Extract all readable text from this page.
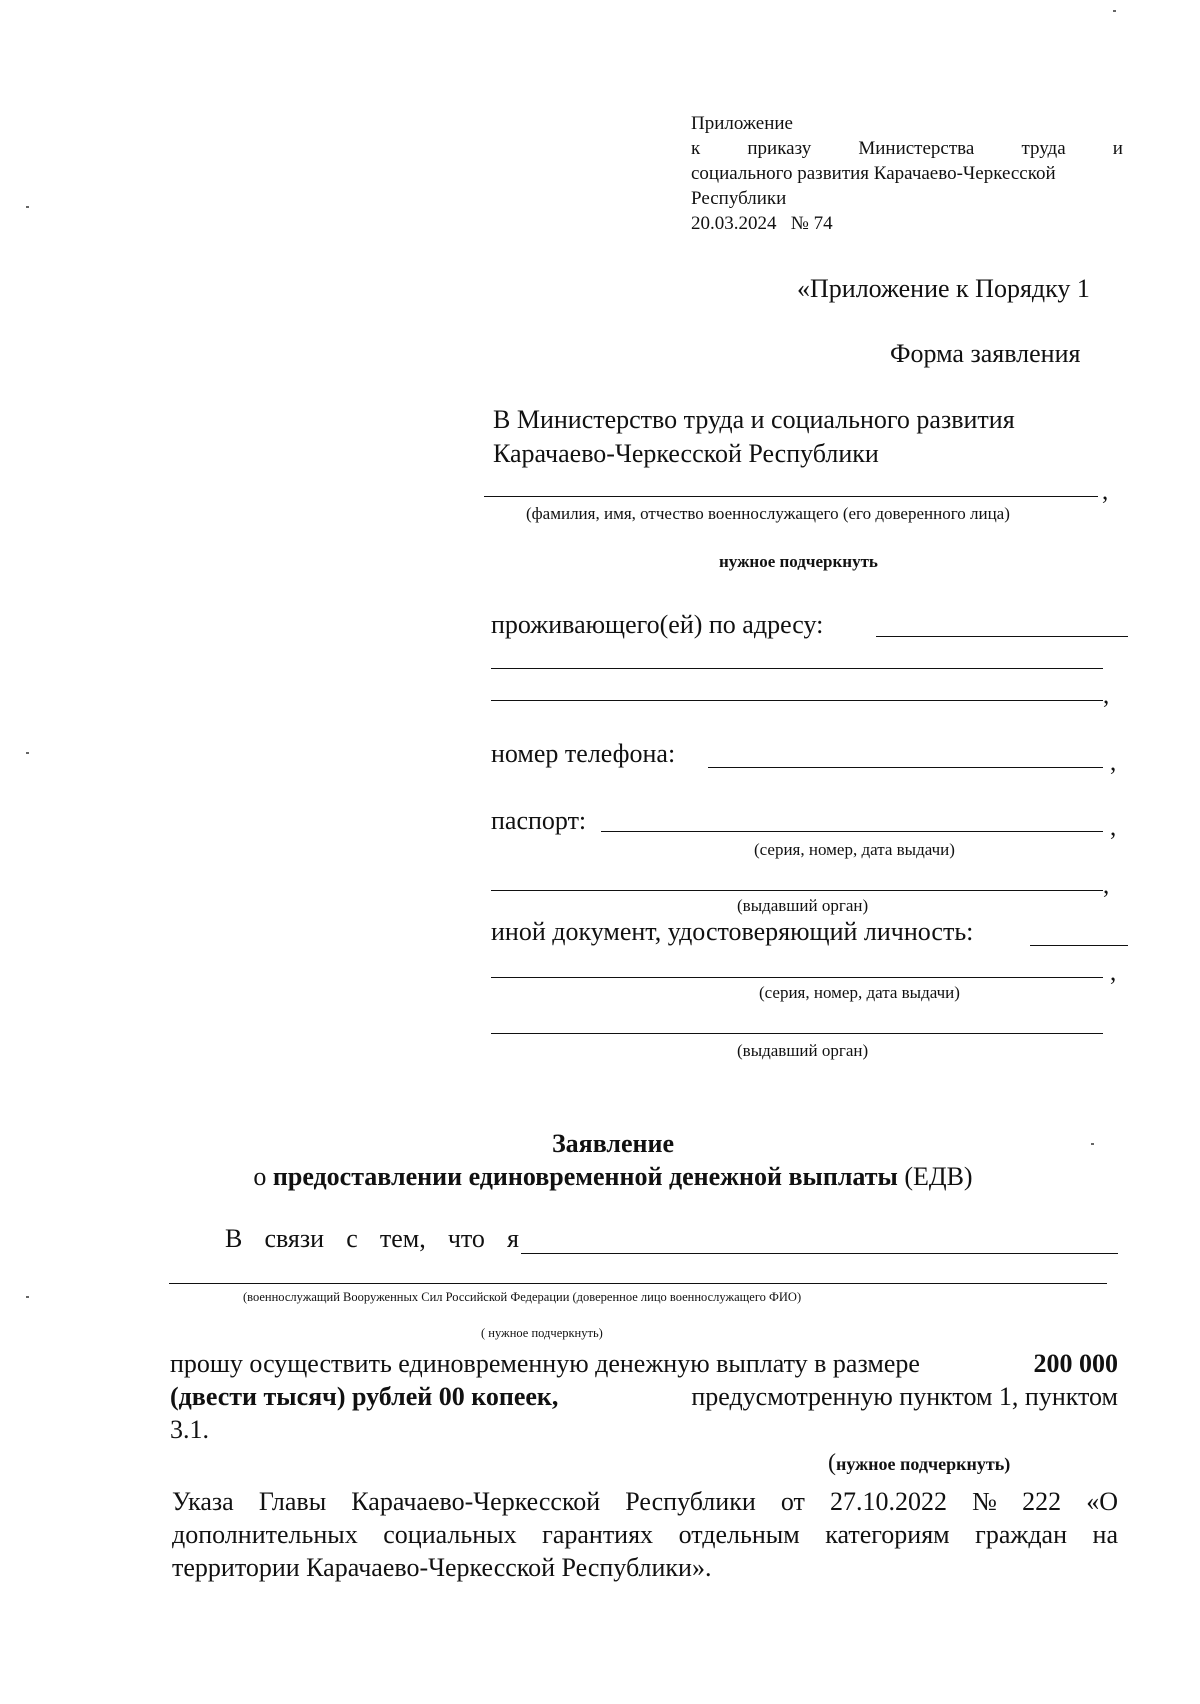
Приложение
к приказу Министерства труда и
социального развития Карачаево-Черкесской
Республики
20.03.2024 № 74
«Приложение к Порядку 1
Форма заявления
В Министерство труда и социального развития
Карачаево-Черкесской Республики
,
(фамилия, имя, отчество военнослужащего (его доверенного лица)
нужное подчеркнуть
проживающего(ей) по адресу:
,
номер телефона:	,
паспорт:	,
(серия, номер, дата выдачи)
,
(выдавший орган)
иной документ, удостоверяющий личность:
,
(серия, номер, дата выдачи)
(выдавший орган)
Заявление
о предоставлении единовременной денежной выплаты (ЕДВ)
В связи с тем, что я
(военнослужащий Вооруженных Сил Российской Федерации (доверенное лицо военнослужащего ФИО)
( нужное подчеркнуть)
прошу осуществить единовременную денежную выплату в размере	200 000
(двести тысяч) рублей 00 копеек,	предусмотренную пунктом 1, пунктом
3.1.
(нужное подчеркнуть)
Указа Главы Карачаево-Черкесской Республики от 27.10.2022 № 222 «О
дополнительных социальных гарантиях отдельным категориям граждан на
территории Карачаево-Черкесской Республики».
